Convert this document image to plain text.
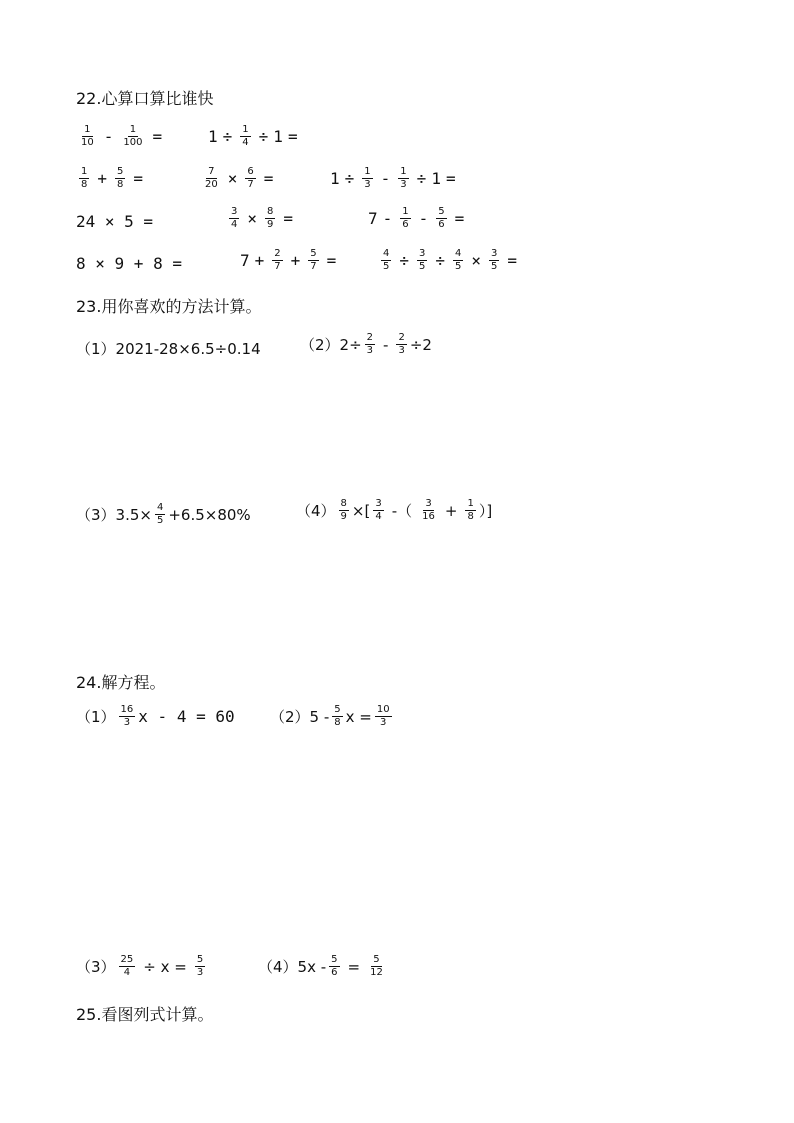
22.心算口算比谁快
$\frac{1}{10} - \frac{1}{100}$ =	$1 \div \frac{1}{4} \div 1$ =
$\frac{1}{8} + \frac{5}{8}$ =	$\frac{7}{20} \times \frac{6}{7}$ =	$1 \div \frac{1}{3} - \frac{1}{3} \div 1$ =
24 × 5 =	$\frac{3}{4} \times \frac{8}{9}$ =	$7 - \frac{1}{6} - \frac{5}{6}$ =
8 × 9 + 8 =	$7 + \frac{2}{7} + \frac{5}{7}$ =	$\frac{4}{5} \div \frac{3}{5} \div \frac{4}{5} \times \frac{3}{5}$ =
23.用你喜欢的方法计算。
（1）2021-28×6.5÷0.14	$(2)2\div \frac{2}{3} - \frac{2}{3} \div 2$
$(3)3.5\times \frac{4}{5} +6.5\times 80\%$	$(4) \frac{8}{9}$ ×[ $\frac{3}{4}$ -（ $\frac{3}{16} + \frac{1}{8}$ ）]
24.解方程。
$(1) \frac{16}{3}$ x - 4 = 60 $(2)5 - \frac{5}{8}$ $x = \frac{10}{3}$
$(3) \frac{25}{4} \div x = \frac{5}{3}$	$(4)5x - \frac{5}{6} = \frac{5}{12}$
25.看图列式计算。
